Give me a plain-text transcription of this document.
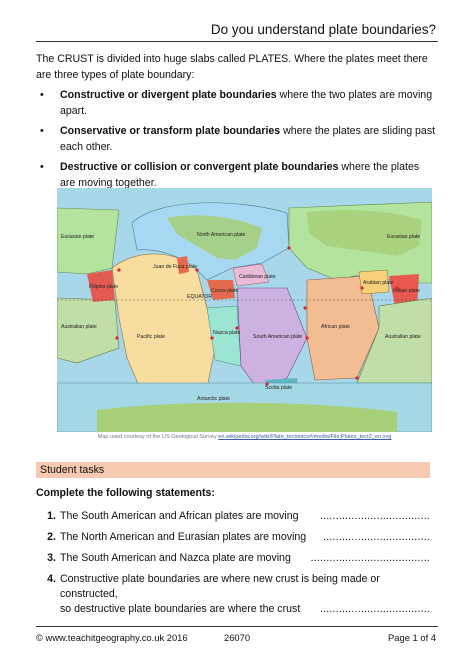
Do you understand plate boundaries?
The CRUST is divided into huge slabs called PLATES. Where the plates meet there are three types of plate boundary:
• Constructive or divergent plate boundaries where the two plates are moving apart.
• Conservative or transform plate boundaries where the plates are sliding past each other.
• Destructive or collision or convergent plate boundaries where the plates are moving together.
Eurasian plate	North American plate	Eurasian plate
Juan de Fuca plate
Caribbean plate
Arabian plate
Indian plate
Filipino plate
Cocos plate
EQUATOR
Pacific plate
Nazca plate
South American plate
African plate
Australian plate
Australian plate
Scotia plate
Antarctic plate
Map used courtesy of the US Geological Survey en.wikipedia.org/wiki/Plate_tectonics#/media/File:Plates_tect2_en.svg
Student tasks
Complete the following statements:
1. The South American and African plates are moving ...................................
2. The North American and Eurasian plates are moving ..................................
3. The South American and Nazca plate are moving ......................................
4. Constructive plate boundaries are where new crust is being made or constructed,
so destructive plate boundaries are where the crust ...................................
© www.teachitgeography.co.uk 2016	26070	Page 1 of 4
